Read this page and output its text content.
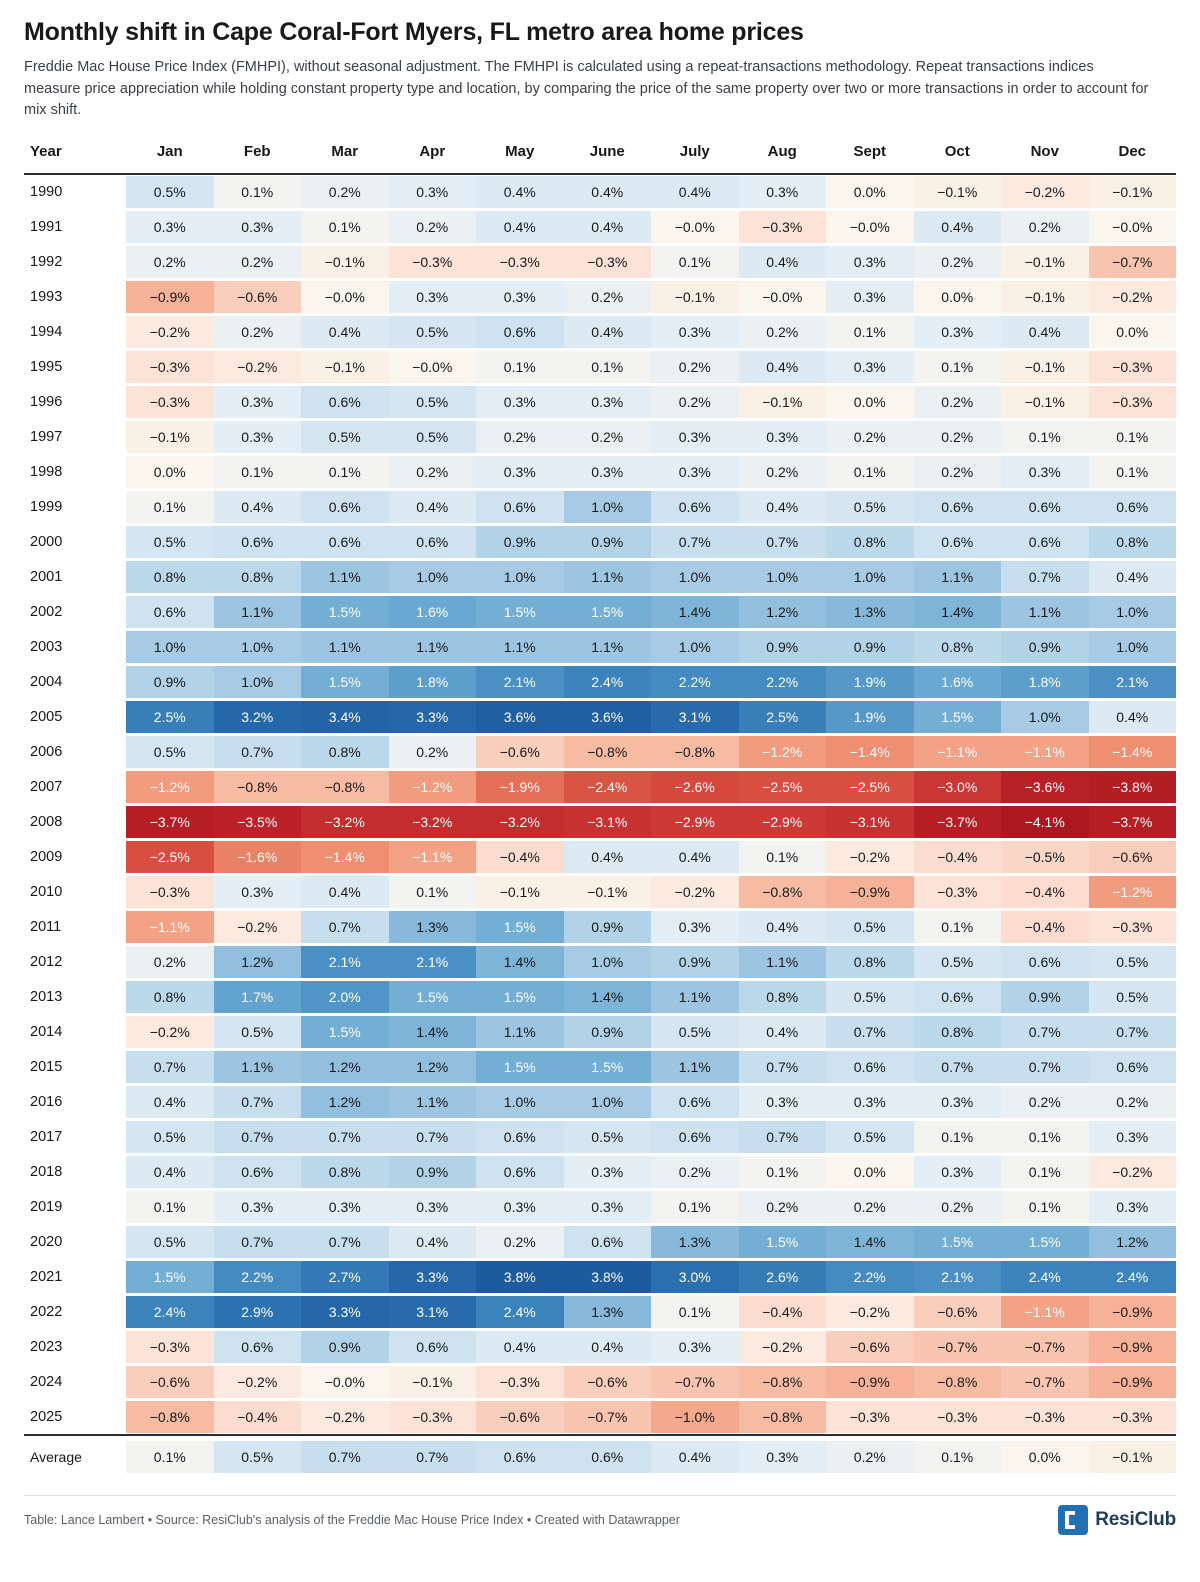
Monthly shift in Cape Coral-Fort Myers, FL metro area home prices
Freddie Mac House Price Index (FMHPI), without seasonal adjustment. The FMHPI is calculated using a repeat-transactions methodology. Repeat transactions indices measure price appreciation while holding constant property type and location, by comparing the price of the same property over two or more transactions in order to account for mix shift.
Year	Jan	Feb	Mar	Apr	May	June	July	Aug	Sept	Oct	Nov	Dec
1990	0.5%	0.1%	0.2%	0.3%	0.4%	0.4%	0.4%	0.3%	0.0%	−0.1%	−0.2%	−0.1%

1991	0.3%	0.3%	0.1%	0.2%	0.4%	0.4%	−0.0%	−0.3%	−0.0%	0.4%	0.2%	−0.0%

1992	0.2%	0.2%	−0.1%	−0.3%	−0.3%	−0.3%	0.1%	0.4%	0.3%	0.2%	−0.1%	−0.7%

1993	−0.9%	−0.6%	−0.0%	0.3%	0.3%	0.2%	−0.1%	−0.0%	0.3%	0.0%	−0.1%	−0.2%

1994	−0.2%	0.2%	0.4%	0.5%	0.6%	0.4%	0.3%	0.2%	0.1%	0.3%	0.4%	0.0%

1995	−0.3%	−0.2%	−0.1%	−0.0%	0.1%	0.1%	0.2%	0.4%	0.3%	0.1%	−0.1%	−0.3%

1996	−0.3%	0.3%	0.6%	0.5%	0.3%	0.3%	0.2%	−0.1%	0.0%	0.2%	−0.1%	−0.3%

1997	−0.1%	0.3%	0.5%	0.5%	0.2%	0.2%	0.3%	0.3%	0.2%	0.2%	0.1%	0.1%

1998	0.0%	0.1%	0.1%	0.2%	0.3%	0.3%	0.3%	0.2%	0.1%	0.2%	0.3%	0.1%

1999	0.1%	0.4%	0.6%	0.4%	0.6%	1.0%	0.6%	0.4%	0.5%	0.6%	0.6%	0.6%

2000	0.5%	0.6%	0.6%	0.6%	0.9%	0.9%	0.7%	0.7%	0.8%	0.6%	0.6%	0.8%

2001	0.8%	0.8%	1.1%	1.0%	1.0%	1.1%	1.0%	1.0%	1.0%	1.1%	0.7%	0.4%

2002	0.6%	1.1%	1.5%	1.6%	1.5%	1.5%	1.4%	1.2%	1.3%	1.4%	1.1%	1.0%

2003	1.0%	1.0%	1.1%	1.1%	1.1%	1.1%	1.0%	0.9%	0.9%	0.8%	0.9%	1.0%

2004	0.9%	1.0%	1.5%	1.8%	2.1%	2.4%	2.2%	2.2%	1.9%	1.6%	1.8%	2.1%

2005	2.5%	3.2%	3.4%	3.3%	3.6%	3.6%	3.1%	2.5%	1.9%	1.5%	1.0%	0.4%

2006	0.5%	0.7%	0.8%	0.2%	−0.6%	−0.8%	−0.8%	−1.2%	−1.4%	−1.1%	−1.1%	−1.4%

2007	−1.2%	−0.8%	−0.8%	−1.2%	−1.9%	−2.4%	−2.6%	−2.5%	−2.5%	−3.0%	−3.6%	−3.8%

2008	−3.7%	−3.5%	−3.2%	−3.2%	−3.2%	−3.1%	−2.9%	−2.9%	−3.1%	−3.7%	−4.1%	−3.7%

2009	−2.5%	−1.6%	−1.4%	−1.1%	−0.4%	0.4%	0.4%	0.1%	−0.2%	−0.4%	−0.5%	−0.6%

2010	−0.3%	0.3%	0.4%	0.1%	−0.1%	−0.1%	−0.2%	−0.8%	−0.9%	−0.3%	−0.4%	−1.2%

2011	−1.1%	−0.2%	0.7%	1.3%	1.5%	0.9%	0.3%	0.4%	0.5%	0.1%	−0.4%	−0.3%

2012	0.2%	1.2%	2.1%	2.1%	1.4%	1.0%	0.9%	1.1%	0.8%	0.5%	0.6%	0.5%

2013	0.8%	1.7%	2.0%	1.5%	1.5%	1.4%	1.1%	0.8%	0.5%	0.6%	0.9%	0.5%

2014	−0.2%	0.5%	1.5%	1.4%	1.1%	0.9%	0.5%	0.4%	0.7%	0.8%	0.7%	0.7%

2015	0.7%	1.1%	1.2%	1.2%	1.5%	1.5%	1.1%	0.7%	0.6%	0.7%	0.7%	0.6%

2016	0.4%	0.7%	1.2%	1.1%	1.0%	1.0%	0.6%	0.3%	0.3%	0.3%	0.2%	0.2%

2017	0.5%	0.7%	0.7%	0.7%	0.6%	0.5%	0.6%	0.7%	0.5%	0.1%	0.1%	0.3%

2018	0.4%	0.6%	0.8%	0.9%	0.6%	0.3%	0.2%	0.1%	0.0%	0.3%	0.1%	−0.2%

2019	0.1%	0.3%	0.3%	0.3%	0.3%	0.3%	0.1%	0.2%	0.2%	0.2%	0.1%	0.3%

2020	0.5%	0.7%	0.7%	0.4%	0.2%	0.6%	1.3%	1.5%	1.4%	1.5%	1.5%	1.2%

2021	1.5%	2.2%	2.7%	3.3%	3.8%	3.8%	3.0%	2.6%	2.2%	2.1%	2.4%	2.4%

2022	2.4%	2.9%	3.3%	3.1%	2.4%	1.3%	0.1%	−0.4%	−0.2%	−0.6%	−1.1%	−0.9%

2023	−0.3%	0.6%	0.9%	0.6%	0.4%	0.4%	0.3%	−0.2%	−0.6%	−0.7%	−0.7%	−0.9%

2024	−0.6%	−0.2%	−0.0%	−0.1%	−0.3%	−0.6%	−0.7%	−0.8%	−0.9%	−0.8%	−0.7%	−0.9%

2025	−0.8%	−0.4%	−0.2%	−0.3%	−0.6%	−0.7%	−1.0%	−0.8%	−0.3%	−0.3%	−0.3%	−0.3%

Average	0.1%	0.5%	0.7%	0.7%	0.6%	0.6%	0.4%	0.3%	0.2%	0.1%	0.0%	−0.1%
Table: Lance Lambert • Source: ResiClub's analysis of the Freddie Mac House Price Index • Created with Datawrapper	ResiClub
